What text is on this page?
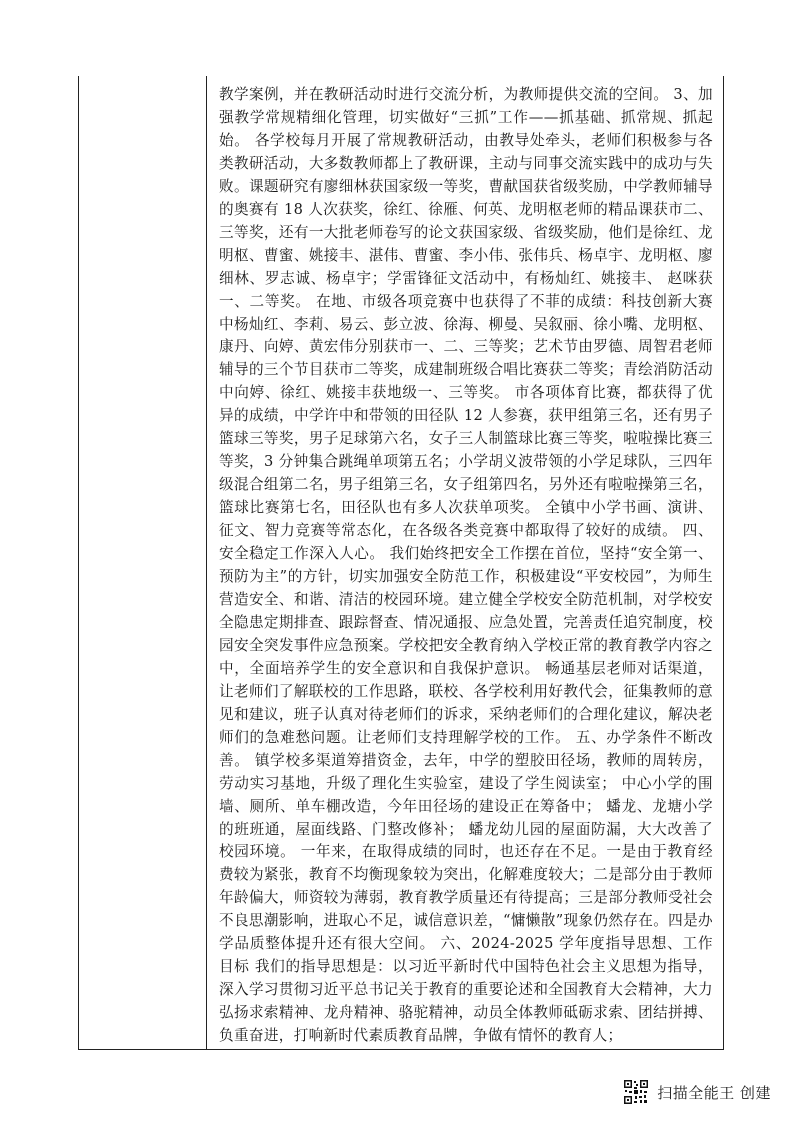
教学案例，并在教研活动时进行交流分析，为教师提供交流的空间。 3、加强教学常规精细化管理，切实做好“三抓”工作——抓基础、抓常规、抓起始。 各学校每月开展了常规教研活动，由教导处牵头，老师们积极参与各类教研活动，大多数教师都上了教研课，主动与同事交流实践中的成功与失败。课题研究有廖细林获国家级一等奖，曹献国获省级奖励，中学教师辅导的奥赛有 18 人次获奖，徐红、徐雁、何英、龙明枢老师的精品课获市二、三等奖，还有一大批老师卷写的论文获国家级、省级奖励，他们是徐红、龙明枢、曹蜜、姚接丰、湛伟、曹蜜、李小伟、张伟兵、杨卓宇、龙明枢、廖细林、罗志诚、杨卓宇；学雷锋征文活动中，有杨灿红、姚接丰、 赵咪获一、二等奖。 在地、市级各项竞赛中也获得了不菲的成绩：科技创新大赛中杨灿红、李莉、易云、彭立波、徐海、柳曼、吴叙丽、徐小嘴、龙明枢、康丹、向婷、黄宏伟分别获市一、二、三等奖；艺术节由罗德、周智君老师辅导的三个节目获市二等奖，成建制班级合唱比赛获二等奖；青绘消防活动中向婷、徐红、姚接丰获地级一、三等奖。 市各项体育比赛，都获得了优异的成绩，中学许中和带领的田径队 12 人参赛，获甲组第三名，还有男子篮球三等奖，男子足球第六名，女子三人制篮球比赛三等奖，啦啦操比赛三等奖，3 分钟集合跳绳单项第五名；小学胡义波带领的小学足球队，三四年级混合组第二名，男子组第三名，女子组第四名，另外还有啦啦操第三名，篮球比赛第七名，田径队也有多人次获单项奖。 全镇中小学书画、演讲、征文、智力竞赛等常态化，在各级各类竞赛中都取得了较好的成绩。 四、安全稳定工作深入人心。 我们始终把安全工作摆在首位，坚持“安全第一、预防为主”的方针，切实加强安全防范工作，积极建设“平安校园”，为师生营造安全、和谐、清洁的校园环境。建立健全学校安全防范机制，对学校安全隐患定期排查、跟踪督查、情况通报、应急处置，完善责任追究制度，校园安全突发事件应急预案。学校把安全教育纳入学校正常的教育教学内容之中，全面培养学生的安全意识和自我保护意识。 畅通基层老师对话渠道，让老师们了解联校的工作思路，联校、各学校利用好教代会，征集教师的意见和建议，班子认真对待老师们的诉求，采纳老师们的合理化建议，解决老师们的急难愁问题。让老师们支持理解学校的工作。 五、办学条件不断改善。 镇学校多渠道筹措资金，去年，中学的塑胶田径场，教师的周转房，劳动实习基地，升级了理化生实验室，建设了学生阅读室； 中心小学的围墙、厕所、单车棚改造，今年田径场的建设正在筹备中； 蟠龙、龙塘小学的班班通，屋面线路、门整改修补； 蟠龙幼儿园的屋面防漏，大大改善了校园环境。 一年来，在取得成绩的同时，也还存在不足。一是由于教育经费较为紧张，教育不均衡现象较为突出，化解难度较大；二是部分由于教师年龄偏大，师资较为薄弱，教育教学质量还有待提高；三是部分教师受社会不良思潮影响，进取心不足，诚信意识差，“慵懒散”现象仍然存在。四是办学品质整体提升还有很大空间。 六、2024-2025 学年度指导思想、工作目标 我们的指导思想是：以习近平新时代中国特色社会主义思想为指导，深入学习贯彻习近平总书记关于教育的重要论述和全国教育大会精神，大力弘扬求索精神、龙舟精神、骆驼精神，动员全体教师砥砺求索、团结拼搏、负重奋进，打响新时代素质教育品牌，争做有情怀的教育人；

扫描全能王 创建
